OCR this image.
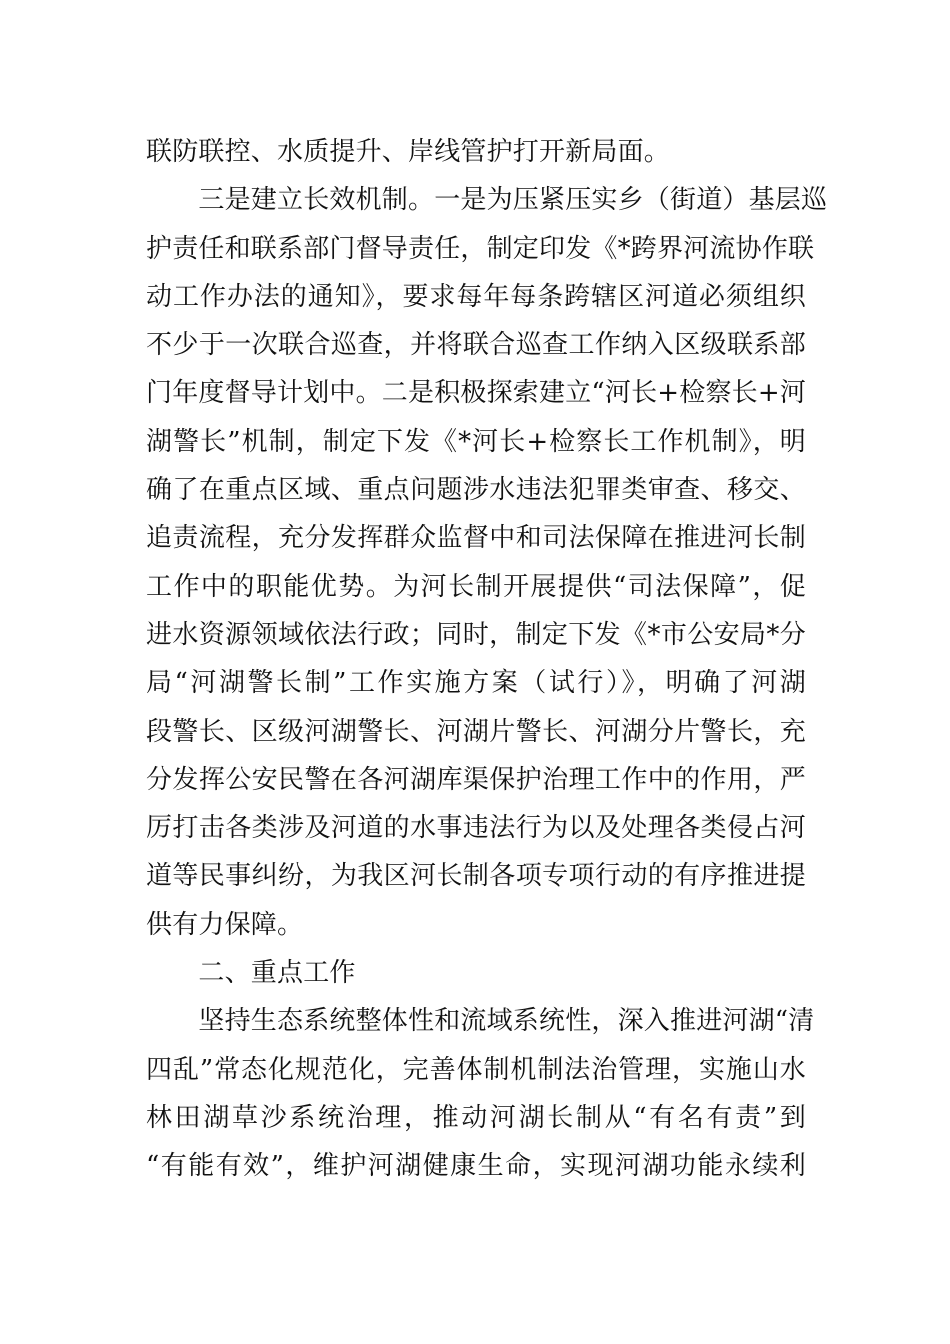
联防联控、水质提升、岸线管护打开新局面。
　　三是建立长效机制。一是为压紧压实乡（街道）基层巡
护责任和联系部门督导责任，制定印发《*跨界河流协作联
动工作办法的通知》，要求每年每条跨辖区河道必须组织
不少于一次联合巡查，并将联合巡查工作纳入区级联系部
门年度督导计划中。二是积极探索建立“河长+检察长+河
湖警长”机制，制定下发《*河长+检察长工作机制》，明
确了在重点区域、重点问题涉水违法犯罪类审查、移交、
追责流程，充分发挥群众监督中和司法保障在推进河长制
工作中的职能优势。为河长制开展提供“司法保障”，促
进水资源领域依法行政；同时，制定下发《*市公安局*分
局“河湖警长制”工作实施方案（试行）》，明确了河湖
段警长、区级河湖警长、河湖片警长、河湖分片警长，充
分发挥公安民警在各河湖库渠保护治理工作中的作用，严
厉打击各类涉及河道的水事违法行为以及处理各类侵占河
道等民事纠纷，为我区河长制各项专项行动的有序推进提
供有力保障。
　　二、重点工作
　　坚持生态系统整体性和流域系统性，深入推进河湖“清
四乱”常态化规范化，完善体制机制法治管理，实施山水
林田湖草沙系统治理，推动河湖长制从“有名有责”到
“有能有效”，维护河湖健康生命，实现河湖功能永续利
